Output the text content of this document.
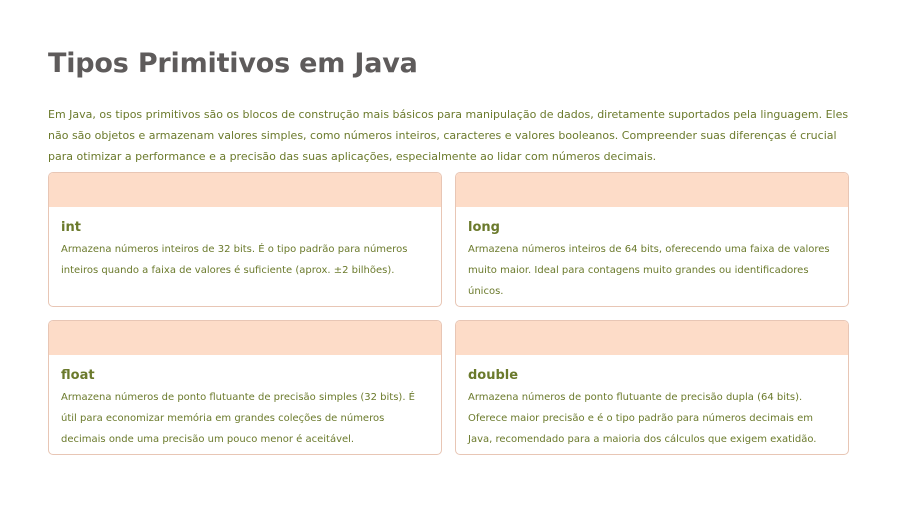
Tipos Primitivos em Java

Em Java, os tipos primitivos são os blocos de construção mais básicos para manipulação de dados, diretamente suportados pela linguagem. Eles não são objetos e armazenam valores simples, como números inteiros, caracteres e valores booleanos. Compreender suas diferenças é crucial para otimizar a performance e a precisão das suas aplicações, especialmente ao lidar com números decimais.

int

Armazena números inteiros de 32 bits. É o tipo padrão para números inteiros quando a faixa de valores é suficiente (aprox. ±2 bilhões).

long

Armazena números inteiros de 64 bits, oferecendo uma faixa de valores muito maior. Ideal para contagens muito grandes ou identificadores únicos.

float

Armazena números de ponto flutuante de precisão simples (32 bits). É útil para economizar memória em grandes coleções de números decimais onde uma precisão um pouco menor é aceitável.

double

Armazena números de ponto flutuante de precisão dupla (64 bits). Oferece maior precisão e é o tipo padrão para números decimais em Java, recomendado para a maioria dos cálculos que exigem exatidão.
